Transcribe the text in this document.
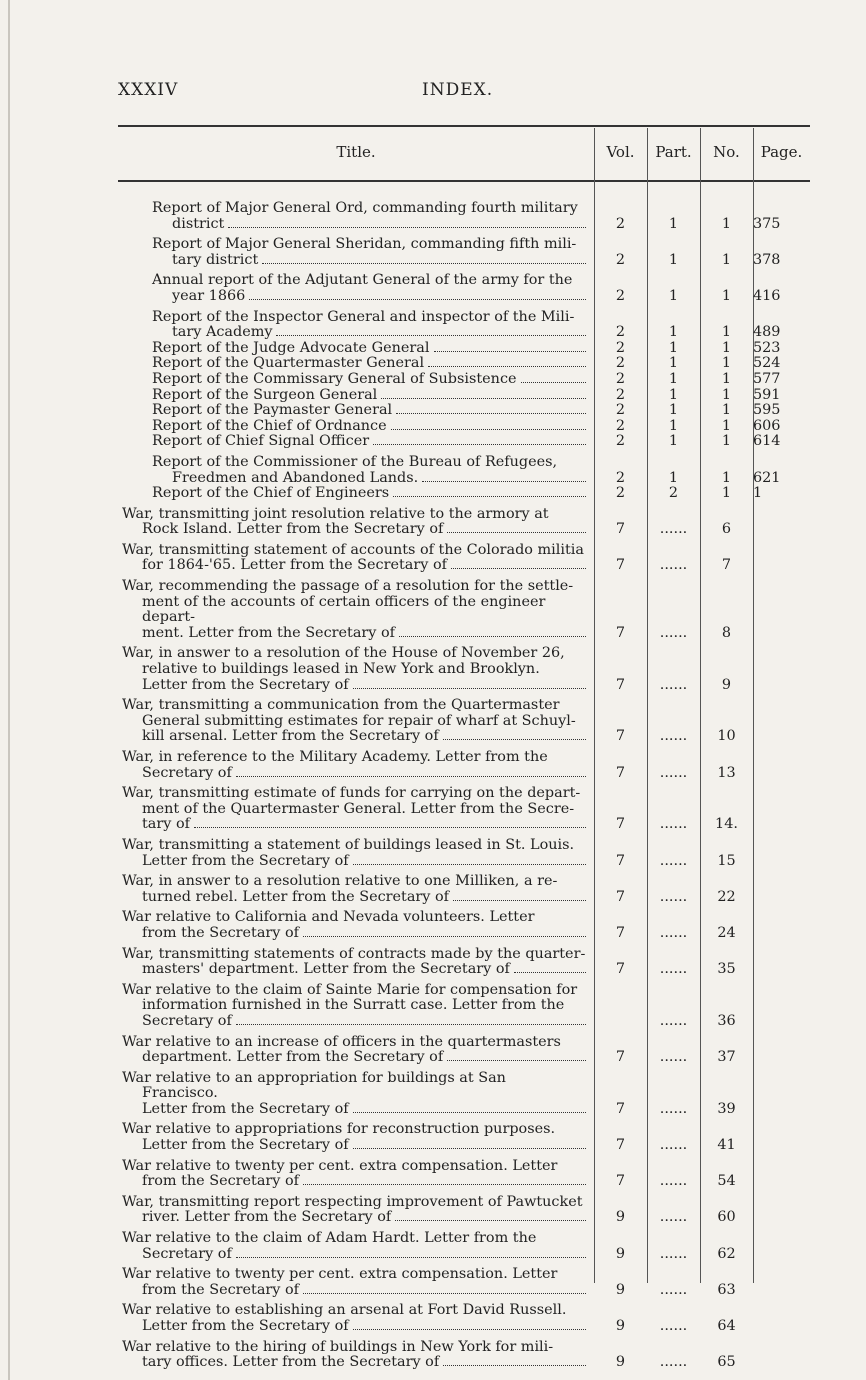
XXXIV	INDEX.
Title.	Vol.	Part.	No.	Page.
Report of Major General Ord, commanding fourth military
district	2	1	1	375

Report of Major General Sheridan, commanding fifth mili-
tary district	2	1	1	378

Annual report of the Adjutant General of the army for the
year 1866	2	1	1	416

Report of the Inspector General and inspector of the Mili-
tary Academy	2	1	1	489

Report of the Judge Advocate General	2	1	1	523

Report of the Quartermaster General	2	1	1	524

Report of the Commissary General of Subsistence	2	1	1	577

Report of the Surgeon General	2	1	1	591

Report of the Paymaster General	2	1	1	595

Report of the Chief of Ordnance	2	1	1	606

Report of Chief Signal Officer	2	1	1	614

Report of the Commissioner of the Bureau of Refugees,
Freedmen and Abandoned Lands.	2	1	1	621

Report of the Chief of Engineers	2	2	1	1

War, transmitting joint resolution relative to the armory at
Rock Island. Letter from the Secretary of	7	......	6	

War, transmitting statement of accounts of the Colorado militia
for 1864-'65. Letter from the Secretary of	7	......	7	

War, recommending the passage of a resolution for the settle-
ment of the accounts of certain officers of the engineer depart-
ment. Letter from the Secretary of	7	......	8	

War, in answer to a resolution of the House of November 26,
relative to buildings leased in New York and Brooklyn.
Letter from the Secretary of	7	......	9	

War, transmitting a communication from the Quartermaster
General submitting estimates for repair of wharf at Schuyl-
kill arsenal. Letter from the Secretary of	7	......	10	

War, in reference to the Military Academy. Letter from the
Secretary of	7	......	13	

War, transmitting estimate of funds for carrying on the depart-
ment of the Quartermaster General. Letter from the Secre-
tary of	7	......	14.	

War, transmitting a statement of buildings leased in St. Louis.
Letter from the Secretary of	7	......	15	

War, in answer to a resolution relative to one Milliken, a re-
turned rebel. Letter from the Secretary of	7	......	22	

War relative to California and Nevada volunteers. Letter
from the Secretary of	7	......	24	

War, transmitting statements of contracts made by the quarter-
masters' department. Letter from the Secretary of	7	......	35	

War relative to the claim of Sainte Marie for compensation for
information furnished in the Surratt case. Letter from the
Secretary of		......	36	

War relative to an increase of officers in the quartermasters
department. Letter from the Secretary of	7	......	37	

War relative to an appropriation for buildings at San Francisco.
Letter from the Secretary of	7	......	39	

War relative to appropriations for reconstruction purposes.
Letter from the Secretary of	7	......	41	

War relative to twenty per cent. extra compensation. Letter
from the Secretary of	7	......	54	

War, transmitting report respecting improvement of Pawtucket
river. Letter from the Secretary of	9	......	60	

War relative to the claim of Adam Hardt. Letter from the
Secretary of	9	......	62	

War relative to twenty per cent. extra compensation. Letter
from the Secretary of	9	......	63	

War relative to establishing an arsenal at Fort David Russell.
Letter from the Secretary of	9	......	64	

War relative to the hiring of buildings in New York for mili-
tary offices. Letter from the Secretary of	9	......	65	
